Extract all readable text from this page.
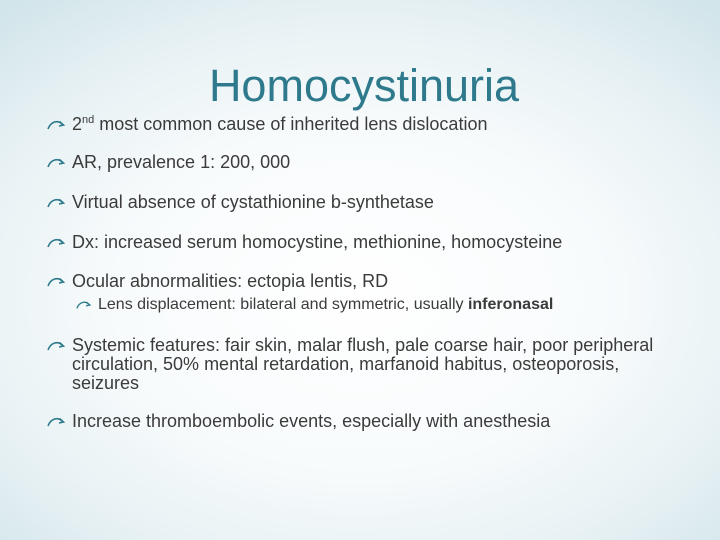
Homocystinuria
2nd most common cause of inherited lens dislocation
AR, prevalence 1: 200, 000
Virtual absence of cystathionine b-synthetase
Dx: increased serum homocystine, methionine, homocysteine
Ocular abnormalities: ectopia lentis, RD
Lens displacement: bilateral and symmetric, usually inferonasal
Systemic features: fair skin, malar flush, pale coarse hair, poor peripheral circulation, 50% mental retardation, marfanoid habitus, osteoporosis, seizures
Increase thromboembolic events, especially with anesthesia
